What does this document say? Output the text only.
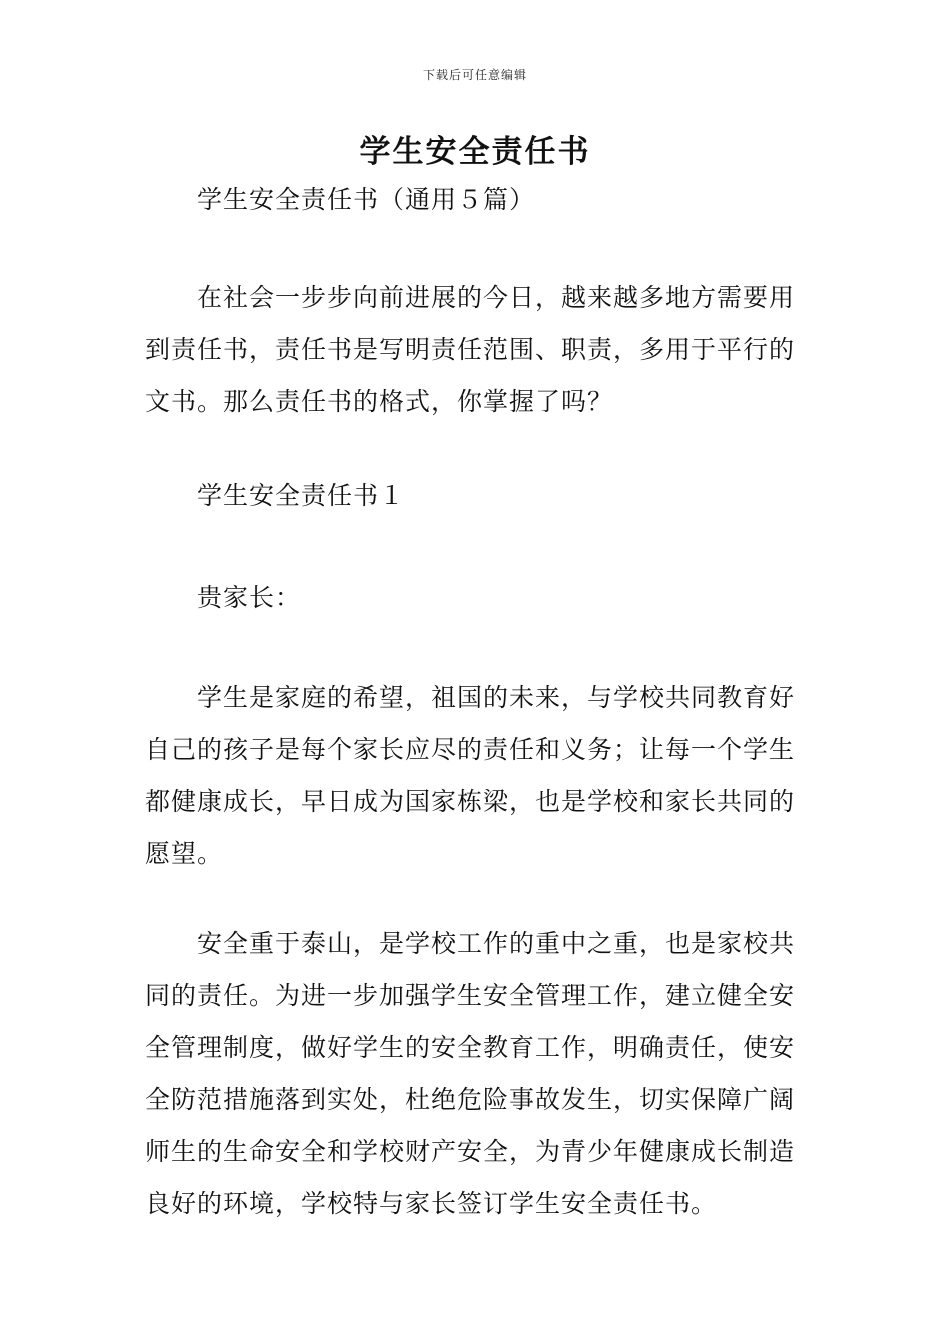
下载后可任意编辑
学生安全责任书

学生安全责任书（通用５篇）

在社会一步步向前进展的今日，越来越多地方需要用到责任书，责任书是写明责任范围、职责，多用于平行的文书。那么责任书的格式，你掌握了吗？

学生安全责任书１

贵家长：

学生是家庭的希望，祖国的未来，与学校共同教育好自己的孩子是每个家长应尽的责任和义务；让每一个学生都健康成长，早日成为国家栋梁，也是学校和家长共同的愿望。

安全重于泰山，是学校工作的重中之重，也是家校共同的责任。为进一步加强学生安全管理工作，建立健全安全管理制度，做好学生的安全教育工作，明确责任，使安全防范措施落到实处，杜绝危险事故发生，切实保障广阔师生的生命安全和学校财产安全，为青少年健康成长制造良好的环境，学校特与家长签订学生安全责任书。
